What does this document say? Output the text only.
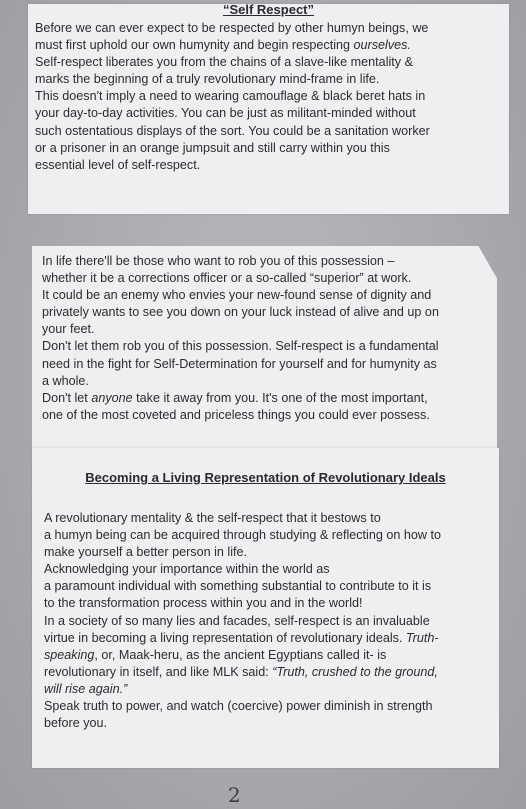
“Self Respect”

Before we can ever expect to be respected by other humyn beings, we

must first uphold our own humynity and begin respecting ourselves.

Self-respect liberates you from the chains of a slave-like mentality &

marks the beginning of a truly revolutionary mind-frame in life.

This doesn't imply a need to wearing camouflage & black beret hats in

your day-to-day activities. You can be just as militant-minded without

such ostentatious displays of the sort. You could be a sanitation worker

or a prisoner in an orange jumpsuit and still carry within you this

essential level of self-respect.

In life there'll be those who want to rob you of this possession –

whether it be a corrections officer or a so-called “superior” at work.

It could be an enemy who envies your new-found sense of dignity and

privately wants to see you down on your luck instead of alive and up on

your feet.

Don't let them rob you of this possession. Self-respect is a fundamental

need in the fight for Self-Determination for yourself and for humynity as

a whole.

Don't let anyone take it away from you. It's one of the most important,

one of the most coveted and priceless things you could ever possess.

Becoming a Living Representation of Revolutionary Ideals

A revolutionary mentality & the self-respect that it bestows to

a humyn being can be acquired through studying & reflecting on how to

make yourself a better person in life.

Acknowledging your importance within the world as

a paramount individual with something substantial to contribute to it is

to the transformation process within you and in the world!

In a society of so many lies and facades, self-respect is an invaluable

virtue in becoming a living representation of revolutionary ideals. Truth-

speaking, or, Maak-heru, as the ancient Egyptians called it- is

revolutionary in itself, and like MLK said: “Truth, crushed to the ground,

will rise again.”

Speak truth to power, and watch (coercive) power diminish in strength

before you.

2
